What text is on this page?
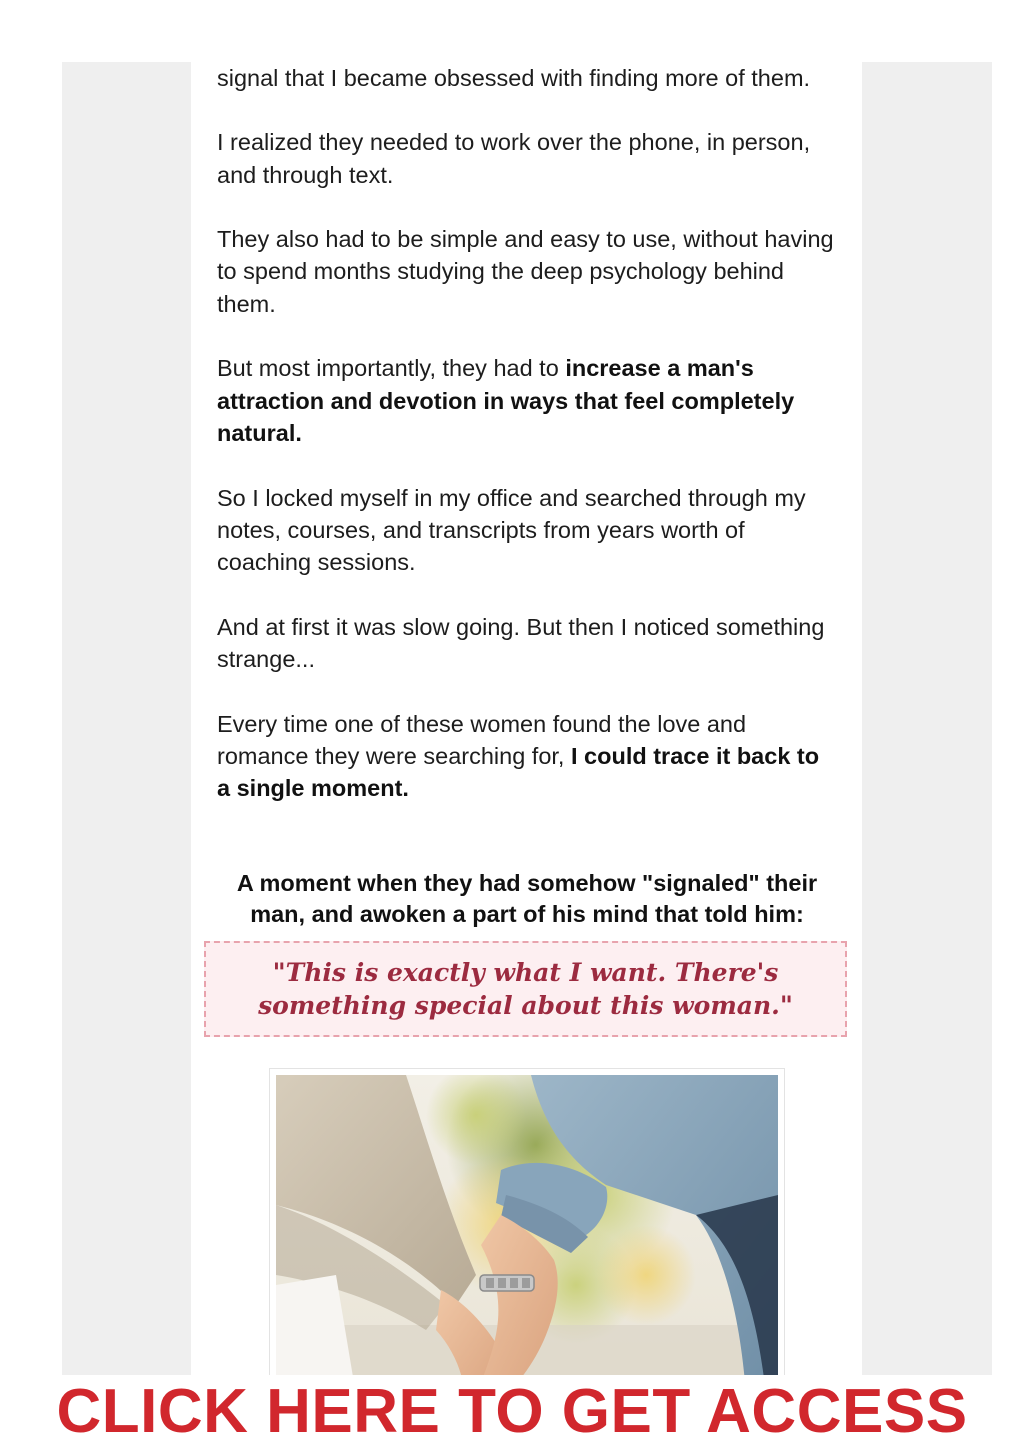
signal that I became obsessed with finding more of them.

I realized they needed to work over the phone, in person, and through text.

They also had to be simple and easy to use, without having to spend months studying the deep psychology behind them.

But most importantly, they had to increase a man's attraction and devotion in ways that feel completely natural.

So I locked myself in my office and searched through my notes, courses, and transcripts from years worth of coaching sessions.

And at first it was slow going. But then I noticed something strange...

Every time one of these women found the love and romance they were searching for, I could trace it back to a single moment.

A moment when they had somehow "signaled" their man, and awoken a part of his mind that told him:
"This is exactly what I want. There's something special about this woman."
CLICK HERE TO GET ACCESS
